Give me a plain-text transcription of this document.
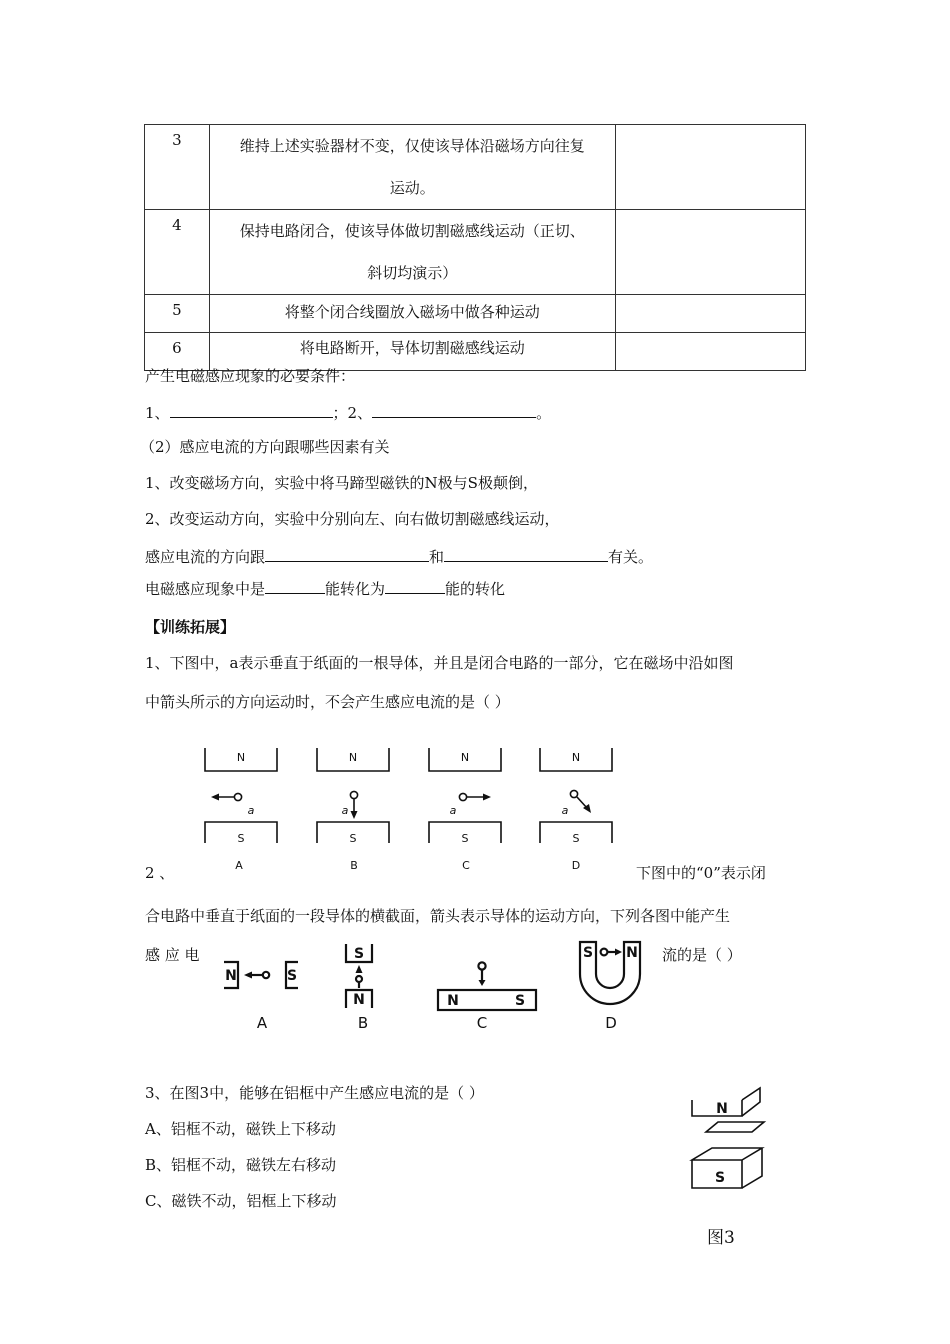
3	维持上述实验器材不变，仅使该导体沿磁场方向往复
运动。	

4	保持电路闭合，使该导体做切割磁感线运动（正切、
斜切均演示）	

5	将整个闭合线圈放入磁场中做各种运动	

6	将电路断开，导体切割磁感线运动	

产生电磁感应现象的必要条件：
1、	；2、	。
（2）感应电流的方向跟哪些因素有关
1、改变磁场方向，实验中将马蹄型磁铁的N极与S极颠倒，
2、改变运动方向，实验中分别向左、向右做切割磁感线运动，
感应电流的方向跟	和	有关。
电磁感应现象中是	能转化为	能的转化
【训练拓展】
1、下图中，a表示垂直于纸面的一根导体，并且是闭合电路的一部分，它在磁场中沿如图
中箭头所示的方向运动时，不会产生感应电流的是（ ）
N	N	N	N
S	S	S	S
a	a	a	a
A	B	C	D
2 、	下图中的“0”表示闭
合电路中垂直于纸面的一段导体的横截面，箭头表示导体的运动方向，下列各图中能产生
感 应 电	流的是（ ）
N	S
S
N	N	S
S N
A	B	C	D
3、在图3中，能够在铝框中产生感应电流的是（ ）
A、铝框不动，磁铁上下移动
B、铝框不动，磁铁左右移动
C、磁铁不动，铝框上下移动
N
S
图3
